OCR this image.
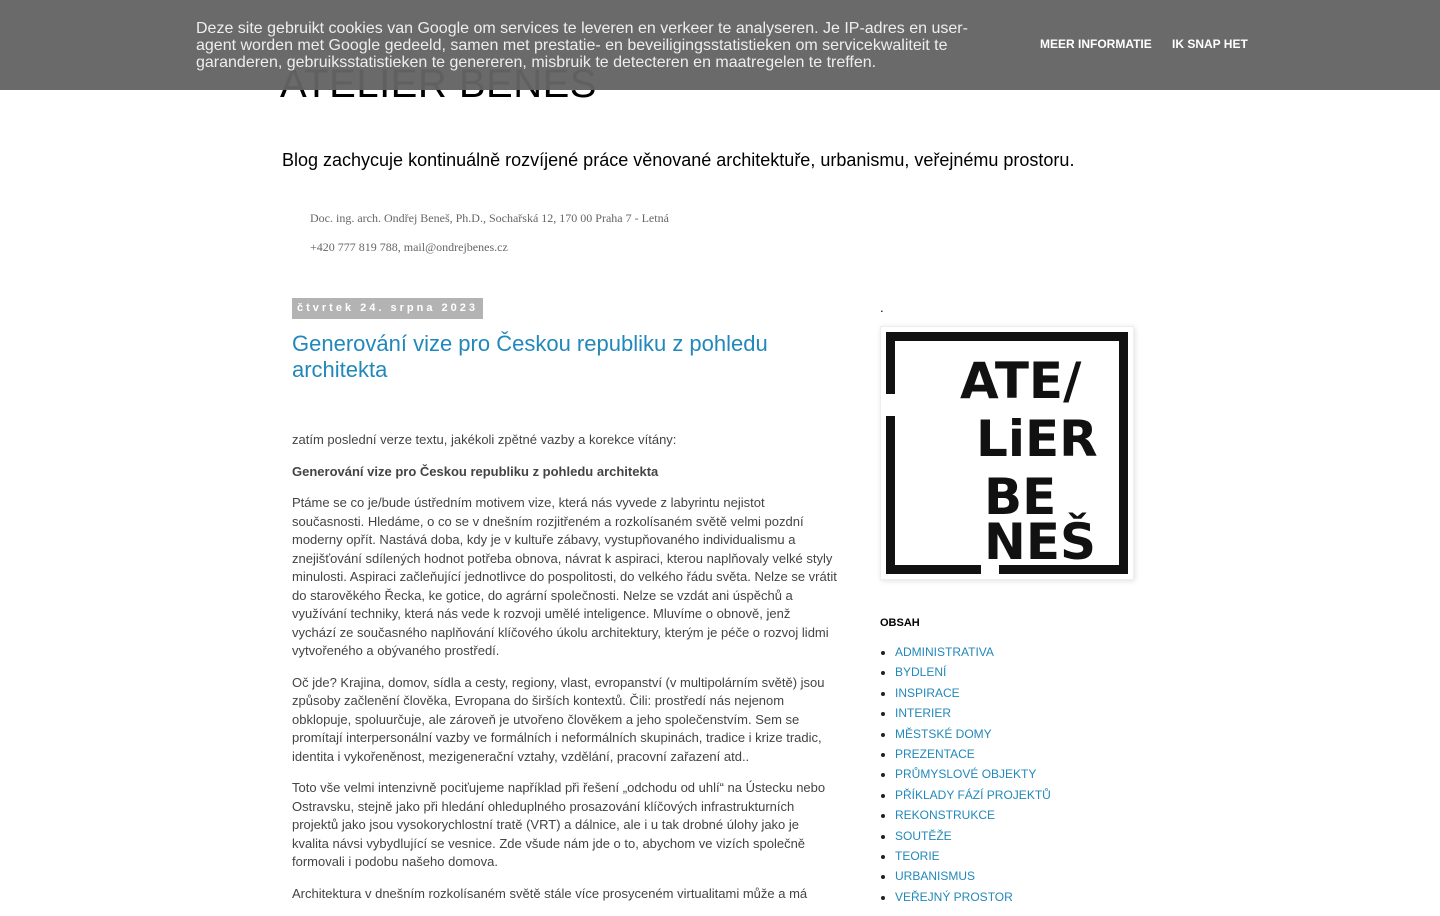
Blog zachycuje kontinuálně rozvíjené práce věnované architektuře, urbanismu, veřejnému prostoru.

Doc. ing. arch. Ondřej Beneš, Ph.D., Sochařská 12, 170 00 Praha 7 - Letná
+420 777 819 788, mail@ondrejbenes.cz
čtvrtek 24. srpna 2023
Generování vize pro Českou republiku z pohledu architekta

zatím poslední verze textu, jakékoli zpětné vazby a korekce vítány:

Generování vize pro Českou republiku z pohledu architekta

Ptáme se co je/bude ústředním motivem vize, která nás vyvede z labyrintu nejistot současnosti. Hledáme, o co se v dnešním rozjitřeném a rozkolísaném světě velmi pozdní moderny opřít. Nastává doba, kdy je v kultuře zábavy, vystupňovaného individualismu a znejišťování sdílených hodnot potřeba obnova, návrat k aspiraci, kterou naplňovaly velké styly minulosti. Aspiraci začleňující jednotlivce do pospolitosti, do velkého řádu světa. Nelze se vrátit do starověkého Řecka, ke gotice, do agrární společnosti. Nelze se vzdát ani úspěchů a využívání techniky, která nás vede k rozvoji umělé inteligence. Mluvíme o obnově, jenž vychází ze současného naplňování klíčového úkolu architektury, kterým je péče o rozvoj lidmi vytvořeného a obývaného prostředí.

Oč jde? Krajina, domov, sídla a cesty, regiony, vlast, evropanství (v multipolárním světě) jsou způsoby začlenění člověka, Evropana do širších kontextů. Čili: prostředí nás nejenom obklopuje, spoluurčuje, ale zároveň je utvořeno člověkem a jeho společenstvím. Sem se promítají interpersonální vazby ve formálních i neformálních skupinách, tradice i krize tradic, identita i vykořeněnost, mezigenerační vztahy, vzdělání, pracovní zařazení atd..

Toto vše velmi intenzivně pociťujeme například při řešení „odchodu od uhlí“ na Ústecku nebo Ostravsku, stejně jako při hledání ohleduplného prosazování klíčových infrastrukturních projektů jako jsou vysokorychlostní tratě (VRT) a dálnice, ale i u tak drobné úlohy jako je kvalita návsi vybydlující se vesnice. Zde všude nám jde o to, abychom ve vizích společně formovali i podobu našeho domova.

Architektura v dnešním rozkolísaném světě stále více prosyceném virtualitami může a má

.
ATE/
LiER
BE
NEŠ
OBSAH
• ADMINISTRATIVA
• BYDLENÍ
• INSPIRACE
• INTERIER
• MĚSTSKÉ DOMY
• PREZENTACE
• PRŮMYSLOVÉ OBJEKTY
• PŘÍKLADY FÁZÍ PROJEKTŮ
• REKONSTRUKCE
• SOUTĚŽE
• TEORIE
• URBANISMUS
• VEŘEJNÝ PROSTOR
Deze site gebruikt cookies van Google om services te leveren en verkeer te analyseren. Je IP-adres en user-agent worden met Google gedeeld, samen met prestatie- en beveiligingsstatistieken om servicekwaliteit te garanderen, gebruiksstatistieken te genereren, misbruik te detecteren en maatregelen te treffen.
MEER INFORMATIE IK SNAP HET
